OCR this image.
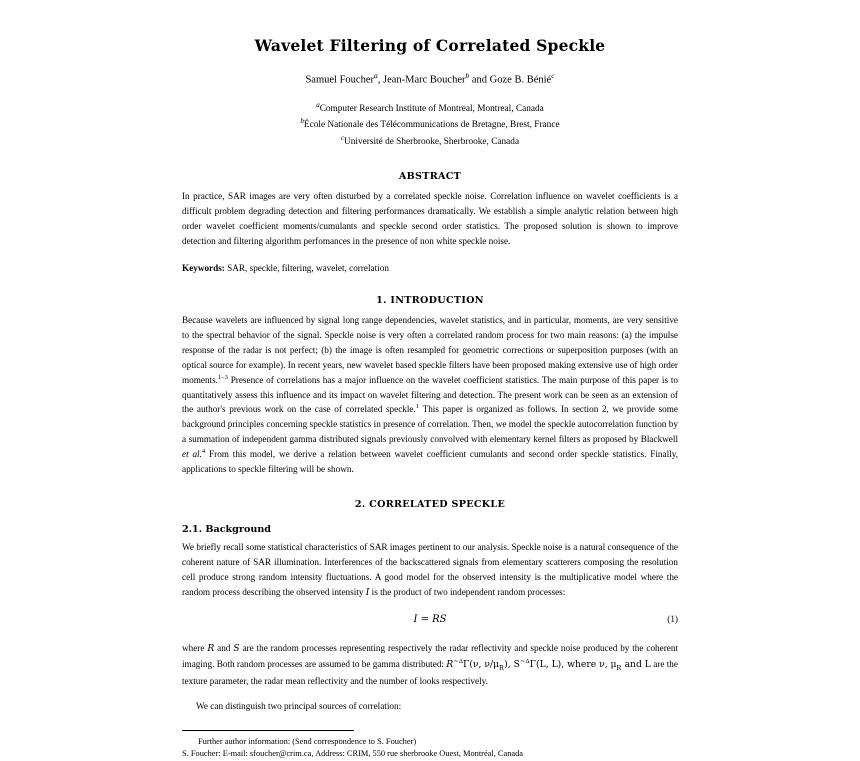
Wavelet Filtering of Correlated Speckle
Samuel Foucher$^a$, Jean-Marc Boucher$^b$ and Goze B. Bénié$^c$
$^a$Computer Research Institute of Montreal, Montreal, Canada
$^b$École Nationale des Télécommunications de Bretagne, Brest, France
$^c$Université de Sherbrooke, Sherbrooke, Canada
ABSTRACT

In practice, SAR images are very often disturbed by a correlated speckle noise. Correlation influence on wavelet coefficients is a difficult problem degrading detection and filtering performances dramatically. We establish a simple analytic relation between high order wavelet coefficient moments/cumulants and speckle second order statistics. The proposed solution is shown to improve detection and filtering algorithm perfomances in the presence of non white speckle noise.

Keywords: SAR, speckle, filtering, wavelet, correlation
1. INTRODUCTION

Because wavelets are influenced by signal long range dependencies, wavelet statistics, and in particular, moments, are very sensitive to the spectral behavior of the signal. Speckle noise is very often a correlated random process for two main reasons: (a) the impulse response of the radar is not perfect; (b) the image is often resampled for geometric corrections or superposition purposes (with an optical source for example). In recent years, new wavelet based speckle filters have been proposed making extensive use of high order moments.$^{1-3}$ Presence of correlations has a major influence on the wavelet coefficient statistics. The main purpose of this paper is to quantitatively assess this influence and its impact on wavelet filtering and detection. The present work can be seen as an extension of the author's previous work on the case of correlated speckle.$^1$ This paper is organized as follows. In section 2, we provide some background principles concerning speckle statistics in presence of correlation. Then, we model the speckle autocorrelation function by a summation of independent gamma distributed signals previously convolved with elementary kernel filters as proposed by Blackwell et al.$^4$ From this model, we derive a relation between wavelet coefficient cumulants and second order speckle statistics. Finally, applications to speckle filtering will be shown.

2. CORRELATED SPECKLE
2.1. Background

We briefly recall some statistical characteristics of SAR images pertinent to our analysis. Speckle noise is a natural consequence of the coherent nature of SAR illumination. Interferences of the backscattered signals from elementary scatterers composing the resolution cell produce strong random intensity fluctuations. A good model for the observed intensity is the multiplicative model where the random process describing the observed intensity I is the product of two independent random processes:

I = RS	(1)

where R and S are the random processes representing respectively the radar reflectivity and speckle noise produced by the coherent imaging. Both random processes are assumed to be gamma distributed: R$^{\sim\Delta}$Γ(ν, $\nu/\mu_R$), S$^{\sim\Delta}$Γ(L, L), where ν, $\mu_R$ and L are the texture parameter, the radar mean reflectivity and the number of looks respectively.

We can distinguish two principal sources of correlation:

Further author information: (Send correspondence to S. Foucher)
S. Foucher: E-mail: sfoucher@crim.ca, Address: CRIM, 550 rue sherbrooke Ouest, Montréal, Canada
